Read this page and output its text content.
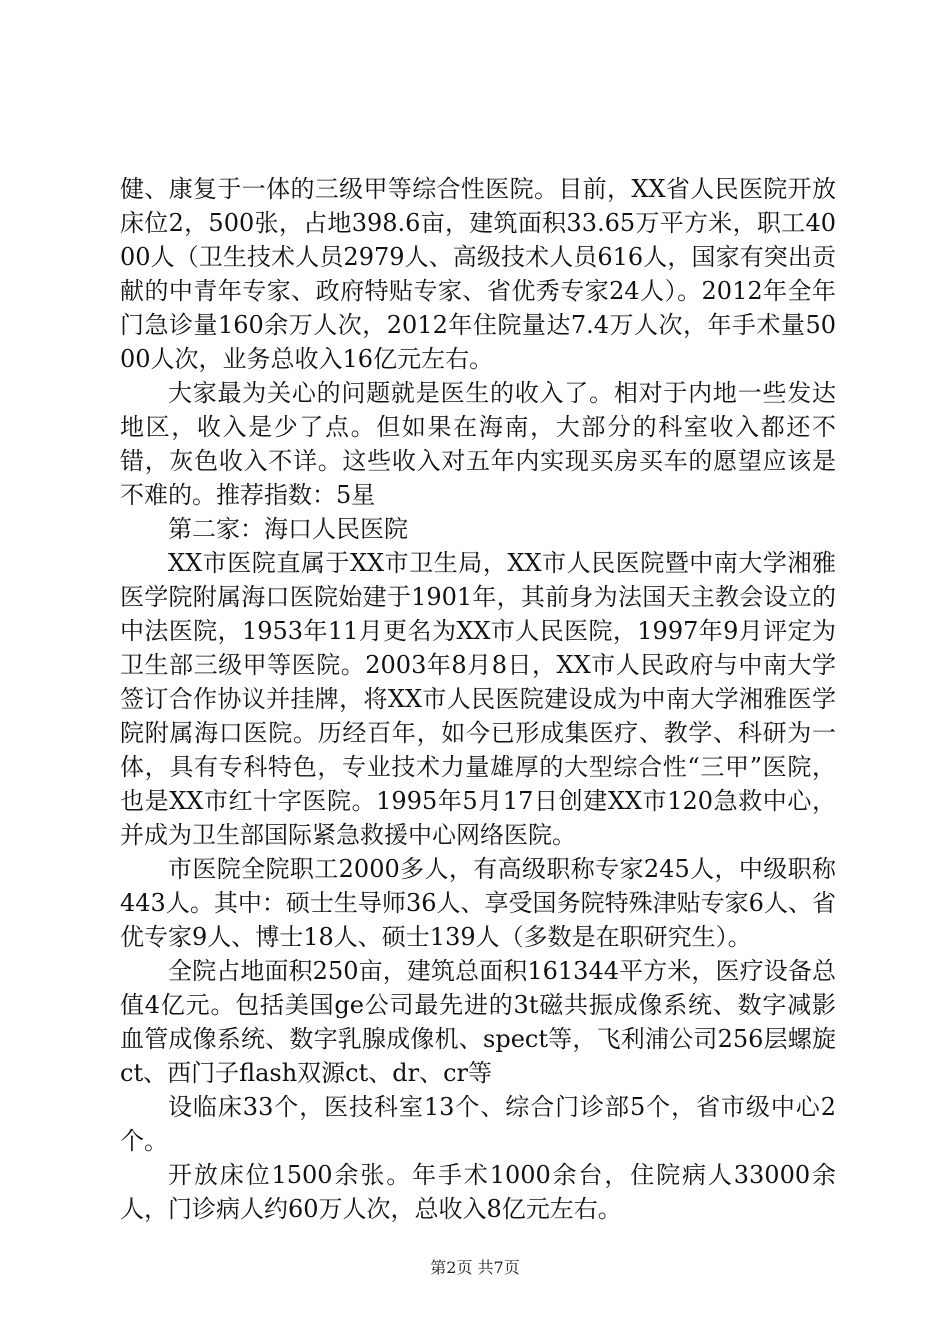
健、康复于一体的三级甲等综合性医院。目前，XX省人民医院开放床位2，500张，占地398.6亩，建筑面积33.65万平方米，职工4000人（卫生技术人员2979人、高级技术人员616人，国家有突出贡献的中青年专家、政府特贴专家、省优秀专家24人）。2012年全年门急诊量160余万人次，2012年住院量达7.4万人次，年手术量5000人次，业务总收入16亿元左右。

大家最为关心的问题就是医生的收入了。相对于内地一些发达地区，收入是少了点。但如果在海南，大部分的科室收入都还不错，灰色收入不详。这些收入对五年内实现买房买车的愿望应该是不难的。推荐指数：5星

第二家：海口人民医院

XX市医院直属于XX市卫生局，XX市人民医院暨中南大学湘雅医学院附属海口医院始建于1901年，其前身为法国天主教会设立的中法医院，1953年11月更名为XX市人民医院，1997年9月评定为卫生部三级甲等医院。2003年8月8日，XX市人民政府与中南大学签订合作协议并挂牌，将XX市人民医院建设成为中南大学湘雅医学院附属海口医院。历经百年，如今已形成集医疗、教学、科研为一体，具有专科特色，专业技术力量雄厚的大型综合性“三甲”医院，也是XX市红十字医院。1995年5月17日创建XX市120急救中心，并成为卫生部国际紧急救援中心网络医院。

市医院全院职工2000多人，有高级职称专家245人，中级职称443人。其中：硕士生导师36人、享受国务院特殊津贴专家6人、省优专家9人、博士18人、硕士139人（多数是在职研究生）。

全院占地面积250亩，建筑总面积161344平方米，医疗设备总值4亿元。包括美国ge公司最先进的3t磁共振成像系统、数字减影血管成像系统、数字乳腺成像机、spect等，飞利浦公司256层螺旋ct、西门子flash双源ct、dr、cr等

设临床33个，医技科室13个、综合门诊部5个，省市级中心2个。

开放床位1500余张。年手术1000余台，住院病人33000余人，门诊病人约60万人次，总收入8亿元左右。

第2页 共7页
